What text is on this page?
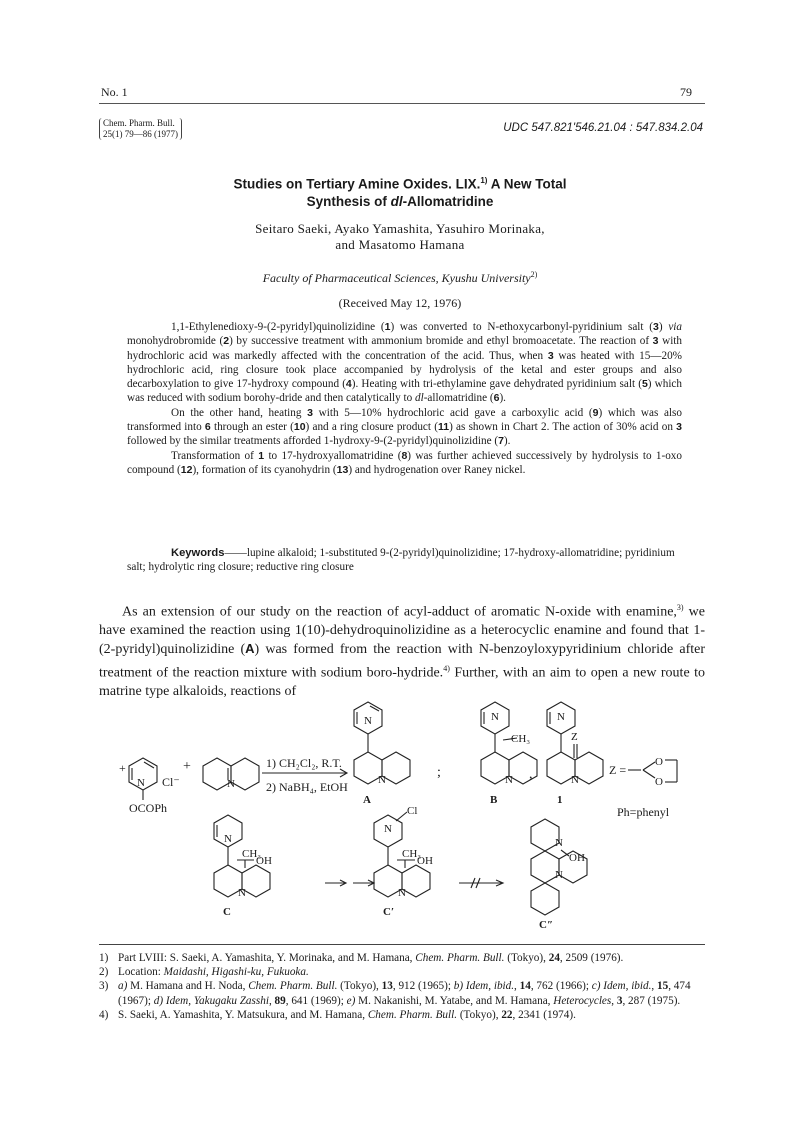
No. 1	79
Chem. Pharm. Bull.
25(1) 79—86 (1977)	UDC 547.821'546.21.04 : 547.834.2.04
Studies on Tertiary Amine Oxides. LIX.$^{1)}$ A New Total
Synthesis of dl-Allomatridine
Seitaro Saeki, Ayako Yamashita, Yasuhiro Morinaka,
and Masatomo Hamana
Faculty of Pharmaceutical Sciences, Kyushu University$^{2)}$
(Received May 12, 1976)

1,1-Ethylenedioxy-9-(2-pyridyl)quinolizidine (1) was converted to N-ethoxycarbonyl-pyridinium salt (3) via monohydrobromide (2) by successive treatment with ammonium bromide and ethyl bromoacetate. The reaction of 3 with hydrochloric acid was markedly affected with the concentration of the acid. Thus, when 3 was heated with 15—20% hydrochloric acid, ring closure took place accompanied by hydrolysis of the ketal and ester groups and also decarboxylation to give 17-hydroxy compound (4). Heating with tri-ethylamine gave dehydrated pyridinium salt (5) which was reduced with sodium borohy-dride and then catalytically to dl-allomatridine (6).

On the other hand, heating 3 with 5—10% hydrochloric acid gave a carboxylic acid (9) which was also transformed into 6 through an ester (10) and a ring closure product (11) as shown in Chart 2. The action of 30% acid on 3 followed by the similar treatments afforded 1-hydroxy-9-(2-pyridyl)quinolizidine (7).

Transformation of 1 to 17-hydroxyallomatridine (8) was further achieved successively by hydrolysis to 1-oxo compound (12), formation of its cyanohydrin (13) and hydrogenation over Raney nickel.

Keywords——lupine alkaloid; 1-substituted 9-(2-pyridyl)quinolizidine; 17-hydroxy-allomatridine; pyridinium salt; hydrolytic ring closure; reductive ring closure

As an extension of our study on the reaction of acyl-adduct of aromatic N-oxide with enamine,$^{3)}$ we have examined the reaction using 1(10)-dehydroquinolizidine as a heterocyclic enamine and found that 1-(2-pyridyl)quinolizidine (A) was formed from the reaction with N-benzoyloxypyridinium chloride after treatment of the reaction mixture with sodium boro-hydride.$^{4)}$ Further, with an aim to open a new route to matrine type alkaloids, reactions of

+
N Cl⁻
OCOPh
+
N
1) CH₂Cl₂, R.T.
2) NaBH₄, EtOH
N
N
A
;
N
CH₃
N
B
,
N
Z
N
1
Z =
O
O
Ph=phenyl
N
CH₃
OH
N
C
N
Cl
CH₃
OH
N
C′
N
OH
N
C″
1) Part LVIII: S. Saeki, A. Yamashita, Y. Morinaka, and M. Hamana, Chem. Pharm. Bull. (Tokyo), 24, 2509 (1976).
2) Location: Maidashi, Higashi-ku, Fukuoka.
3) a) M. Hamana and H. Noda, Chem. Pharm. Bull. (Tokyo), 13, 912 (1965); b) Idem, ibid., 14, 762 (1966); c) Idem, ibid., 15, 474 (1967); d) Idem, Yakugaku Zasshi, 89, 641 (1969); e) M. Nakanishi, M. Yatabe, and M. Hamana, Heterocycles, 3, 287 (1975).
4) S. Saeki, A. Yamashita, Y. Matsukura, and M. Hamana, Chem. Pharm. Bull. (Tokyo), 22, 2341 (1974).
